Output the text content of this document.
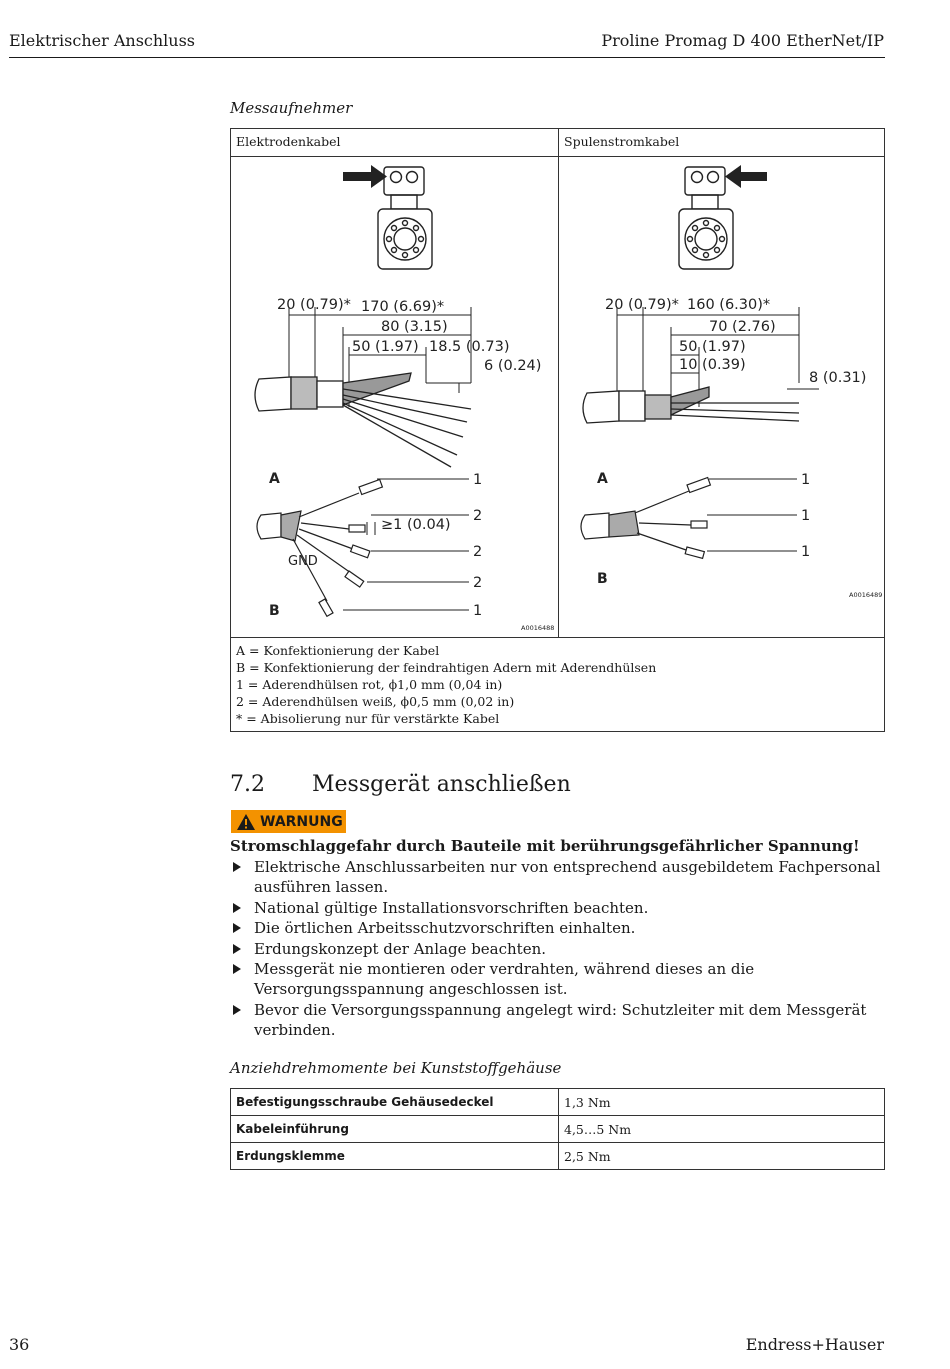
Elektrischer Anschluss	Proline Promag D 400 EtherNet/IP
Messaufnehmer
Elektrodenkabel	Spulenstromkabel
20 (0.79)* 170 (6.69)*
80 (3.15)
50 (1.97) 18.5 (0.73)
6 (0.24)
A
≥1 (0.04)
GND
1
2
2
2
1
B
A0016488
20 (0.79)* 160 (6.30)*
70 (2.76)
50 (1.97)
10 (0.39)
8 (0.31)
A	1
1
1
B
A0016489
A = Konfektionierung der Kabel
B = Konfektionierung der feindrahtigen Adern mit Aderendhülsen
1 = Aderendhülsen rot, ϕ1,0 mm (0,04 in)
2 = Aderendhülsen weiß, ϕ0,5 mm (0,02 in)
* = Abisolierung nur für verstärkte Kabel
7.2 Messgerät anschließen
WARNUNG
Stromschlaggefahr durch Bauteile mit berührungsgefährlicher Spannung!
Elektrische Anschlussarbeiten nur von entsprechend ausgebildetem Fachpersonal ausführen lassen.
National gültige Installationsvorschriften beachten.
Die örtlichen Arbeitsschutzvorschriften einhalten.
Erdungskonzept der Anlage beachten.
Messgerät nie montieren oder verdrahten, während dieses an die Versorgungsspannung angeschlossen ist.
Bevor die Versorgungsspannung angelegt wird: Schutzleiter mit dem Messgerät verbinden.
Anziehdrehmomente bei Kunststoffgehäuse
Befestigungsschraube Gehäusedeckel	1,3 Nm
Kabeleinführung	4,5…5 Nm
Erdungsklemme	2,5 Nm
36	Endress+Hauser
